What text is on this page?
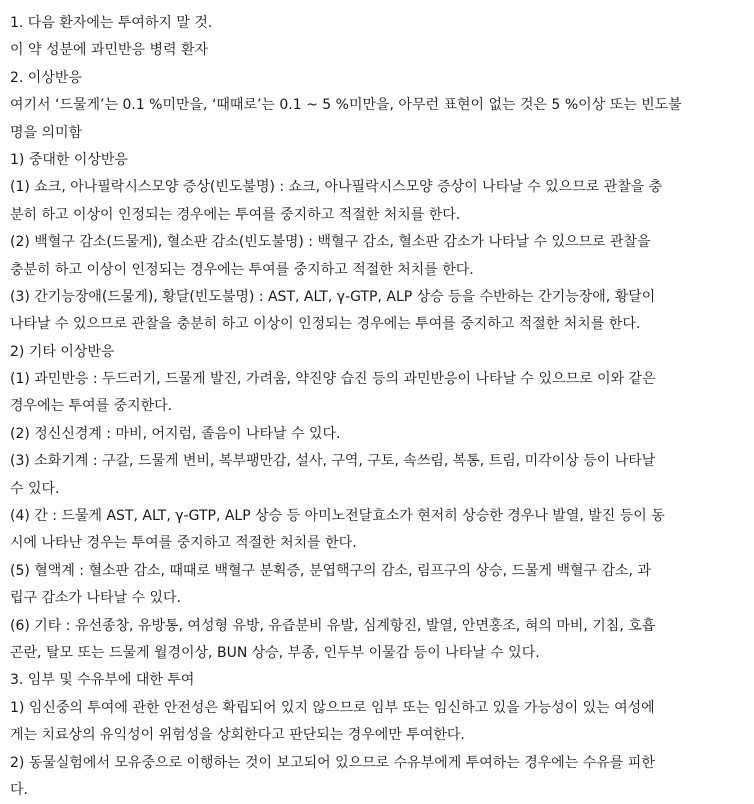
1. 다음 환자에는 투여하지 말 것.
이 약 성분에 과민반응 병력 환자
2. 이상반응
여기서 ‘드물게’는 0.1 %미만을, ‘때때로’는 0.1 ~ 5 %미만을, 아무런 표현이 없는 것은 5 %이상 또는 빈도불
명을 의미함
1) 중대한 이상반응
(1) 쇼크, 아나필락시스모양 증상(빈도불명) : 쇼크, 아나필락시스모양 증상이 나타날 수 있으므로 관찰을 충
분히 하고 이상이 인정되는 경우에는 투여를 중지하고 적절한 처치를 한다.
(2) 백혈구 감소(드물게), 혈소판 감소(빈도불명) : 백혈구 감소, 혈소판 감소가 나타날 수 있으므로 관찰을
충분히 하고 이상이 인정되는 경우에는 투여를 중지하고 적절한 처치를 한다.
(3) 간기능장애(드물게), 황달(빈도불명) : AST, ALT, γ-GTP, ALP 상승 등을 수반하는 간기능장애, 황달이
나타날 수 있으므로 관찰을 충분히 하고 이상이 인정되는 경우에는 투여를 중지하고 적절한 처치를 한다.
2) 기타 이상반응
(1) 과민반응 : 두드러기, 드물게 발진, 가려움, 약진양 습진 등의 과민반응이 나타날 수 있으므로 이와 같은
경우에는 투여를 중지한다.
(2) 정신신경계 : 마비, 어지럼, 졸음이 나타날 수 있다.
(3) 소화기계 : 구갈, 드물게 변비, 복부팽만감, 설사, 구역, 구토, 속쓰림, 복통, 트림, 미각이상 등이 나타날
수 있다.
(4) 간 : 드물게 AST, ALT, γ-GTP, ALP 상승 등 아미노전달효소가 현저히 상승한 경우나 발열, 발진 등이 동
시에 나타난 경우는 투여를 중지하고 적절한 처치를 한다.
(5) 혈액계 : 혈소판 감소, 때때로 백혈구 분획증, 분엽핵구의 감소, 림프구의 상승, 드물게 백혈구 감소, 과
립구 감소가 나타날 수 있다.
(6) 기타 : 유선종창, 유방통, 여성형 유방, 유즙분비 유발, 심계항진, 발열, 안면홍조, 혀의 마비, 기침, 호흡
곤란, 탈모 또는 드물게 월경이상, BUN 상승, 부종, 인두부 이물감 등이 나타날 수 있다.
3. 임부 및 수유부에 대한 투여
1) 임신중의 투여에 관한 안전성은 확립되어 있지 않으므로 임부 또는 임신하고 있을 가능성이 있는 여성에
게는 치료상의 유익성이 위험성을 상회한다고 판단되는 경우에만 투여한다.
2) 동물실험에서 모유중으로 이행하는 것이 보고되어 있으므로 수유부에게 투여하는 경우에는 수유를 피한
다.
